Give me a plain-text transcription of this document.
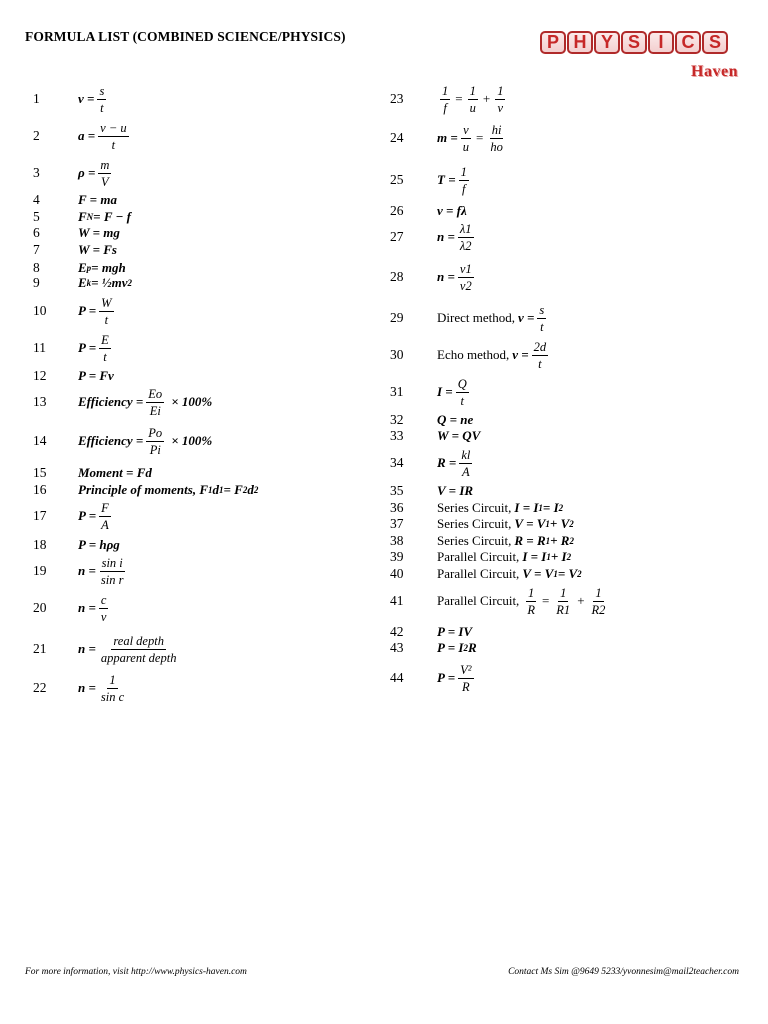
FORMULA LIST (COMBINED SCIENCE/PHYSICS)	P H Y S	I	C S
Haven
1	$v = \frac{s}{t}$
2	$a = \frac{v - u}{t}$
3	$\rho = \frac{m}{V}$
4	F = ma
5	F N = F − f
6	W = mg
7	W = Fs
8	E p = mgh
9	E k = ½mv 2
10	$P = \frac{W}{t}$
11	$P = \frac{E}{t}$
12	P = Fv
13	Efficiency = $\frac{Eo}{Ei} \times 100\%$
14	Efficiency = $\frac{Po}{Pi} \times 100\%$
15	Moment = Fd
16	Principle of moments, F 1 d 1 = F 2 d 2
17	$P = \frac{F}{A}$
18	P = hρg
19	$n = \frac{\text{sin i}}{\text{sin r}}$
20	$n = \frac{c}{v}$
21	$n = \frac{\text{real depth}}{\text{apparent depth}}$
22	$n = \frac{1}{\text{sin c}}$
23	$\frac{1}{f} = \frac{1}{u} + \frac{1}{v}$
24	$m = \frac{v}{u} = \frac{hi}{ho}$
25	$T = \frac{1}{f}$
26	v = fλ
27	$n = \frac{\lambda 1}{\lambda 2}$
28	$n = \frac{v1}{v2}$
29	Direct method, $v = \frac{s}{t}$
30	Echo method, $v = \frac{2d}{t}$
31	$I = \frac{Q}{t}$
32	Q = ne
33	W = QV
34	$R = \frac{kl}{A}$
35	V = IR
36	Series Circuit, I = I 1 = I 2
37	Series Circuit, V = V 1 + V 2
38	Series Circuit, R = R 1 + R 2
39	Parallel Circuit, I = I 1 + I 2
40	Parallel Circuit, V = V 1 = V 2
41	Parallel Circuit, $\frac{1}{R} = \frac{1}{R1} + \frac{1}{R2}$
42	P = IV
43	P = I 2 R
44	$P = \frac{\text{V²}}{R}$
For more information, visit http://www.physics-haven.com	Contact Ms Sim @9649 5233/yvonnesim@mail2teacher.com
